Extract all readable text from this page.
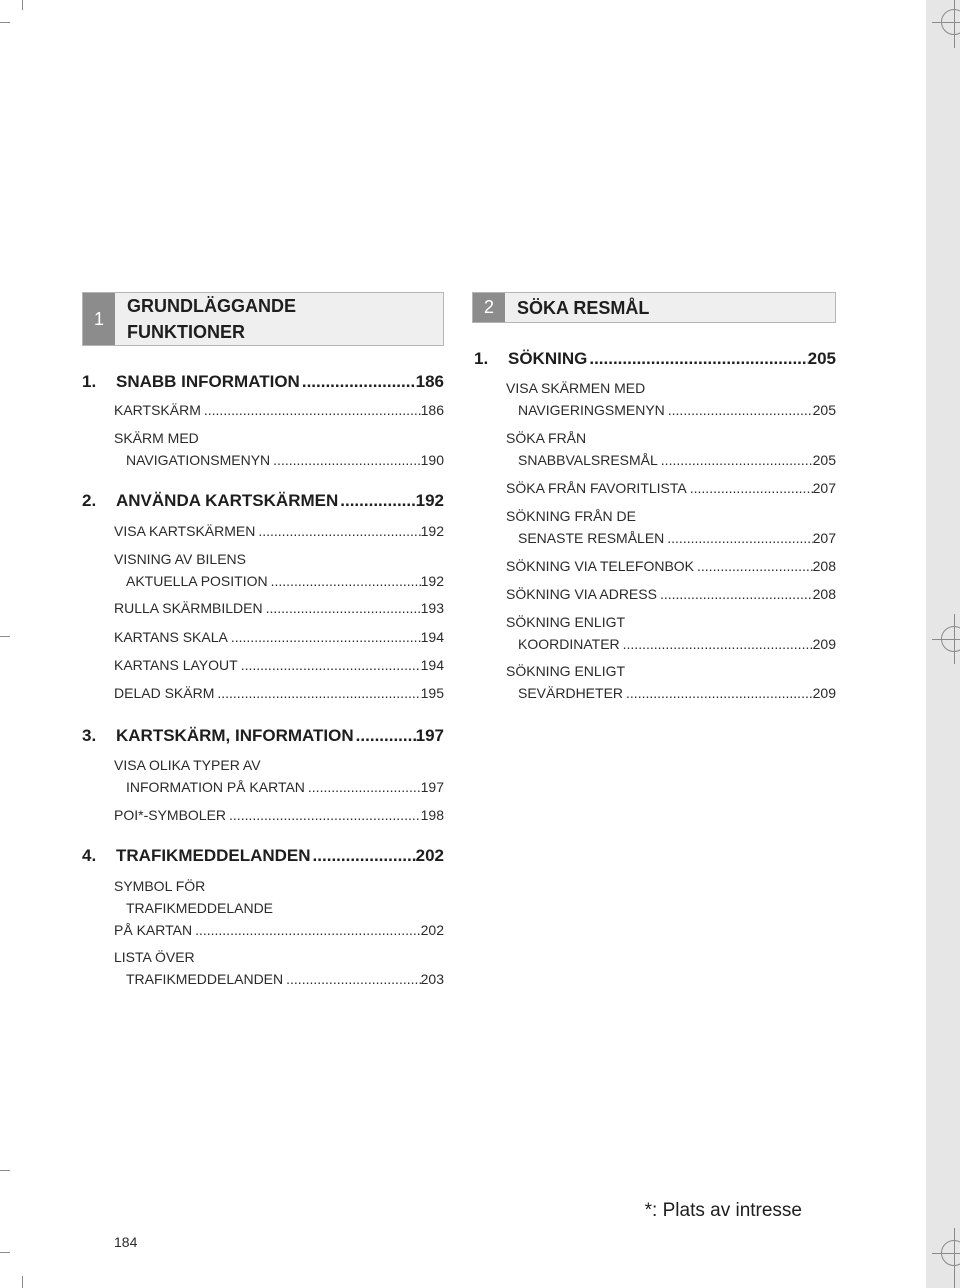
1
GRUNDLÄGGANDE
FUNKTIONER
2	SÖKA RESMÅL
1.	SNABB INFORMATION .....	186
KARTSKÄRM .....	186
SKÄRM MED
NAVIGATIONSMENYN .....	190
2.	ANVÄNDA KARTSKÄRMEN .....	192
VISA KARTSKÄRMEN .....	192
VISNING AV BILENS
AKTUELLA POSITION .....	192
RULLA SKÄRMBILDEN .....	193
KARTANS SKALA .....	194
KARTANS LAYOUT .....	194
DELAD SKÄRM .....	195
3.	KARTSKÄRM, INFORMATION .....	197
VISA OLIKA TYPER AV
INFORMATION PÅ KARTAN .....	197
POI*-SYMBOLER .....	198
4.	TRAFIKMEDDELANDEN .....	202
SYMBOL FÖR
TRAFIKMEDDELANDE
PÅ KARTAN .....	202
LISTA ÖVER
TRAFIKMEDDELANDEN .....	203
1.	SÖKNING .....	205
VISA SKÄRMEN MED
NAVIGERINGSMENYN .....	205
SÖKA FRÅN
SNABBVALSRESMÅL .....	205
SÖKA FRÅN FAVORITLISTA .....	207
SÖKNING FRÅN DE
SENASTE RESMÅLEN .....	207
SÖKNING VIA TELEFONBOK .....	208
SÖKNING VIA ADRESS .....	208
SÖKNING ENLIGT
KOORDINATER .....	209
SÖKNING ENLIGT
SEVÄRDHETER .....	209
*: Plats av intresse
184
